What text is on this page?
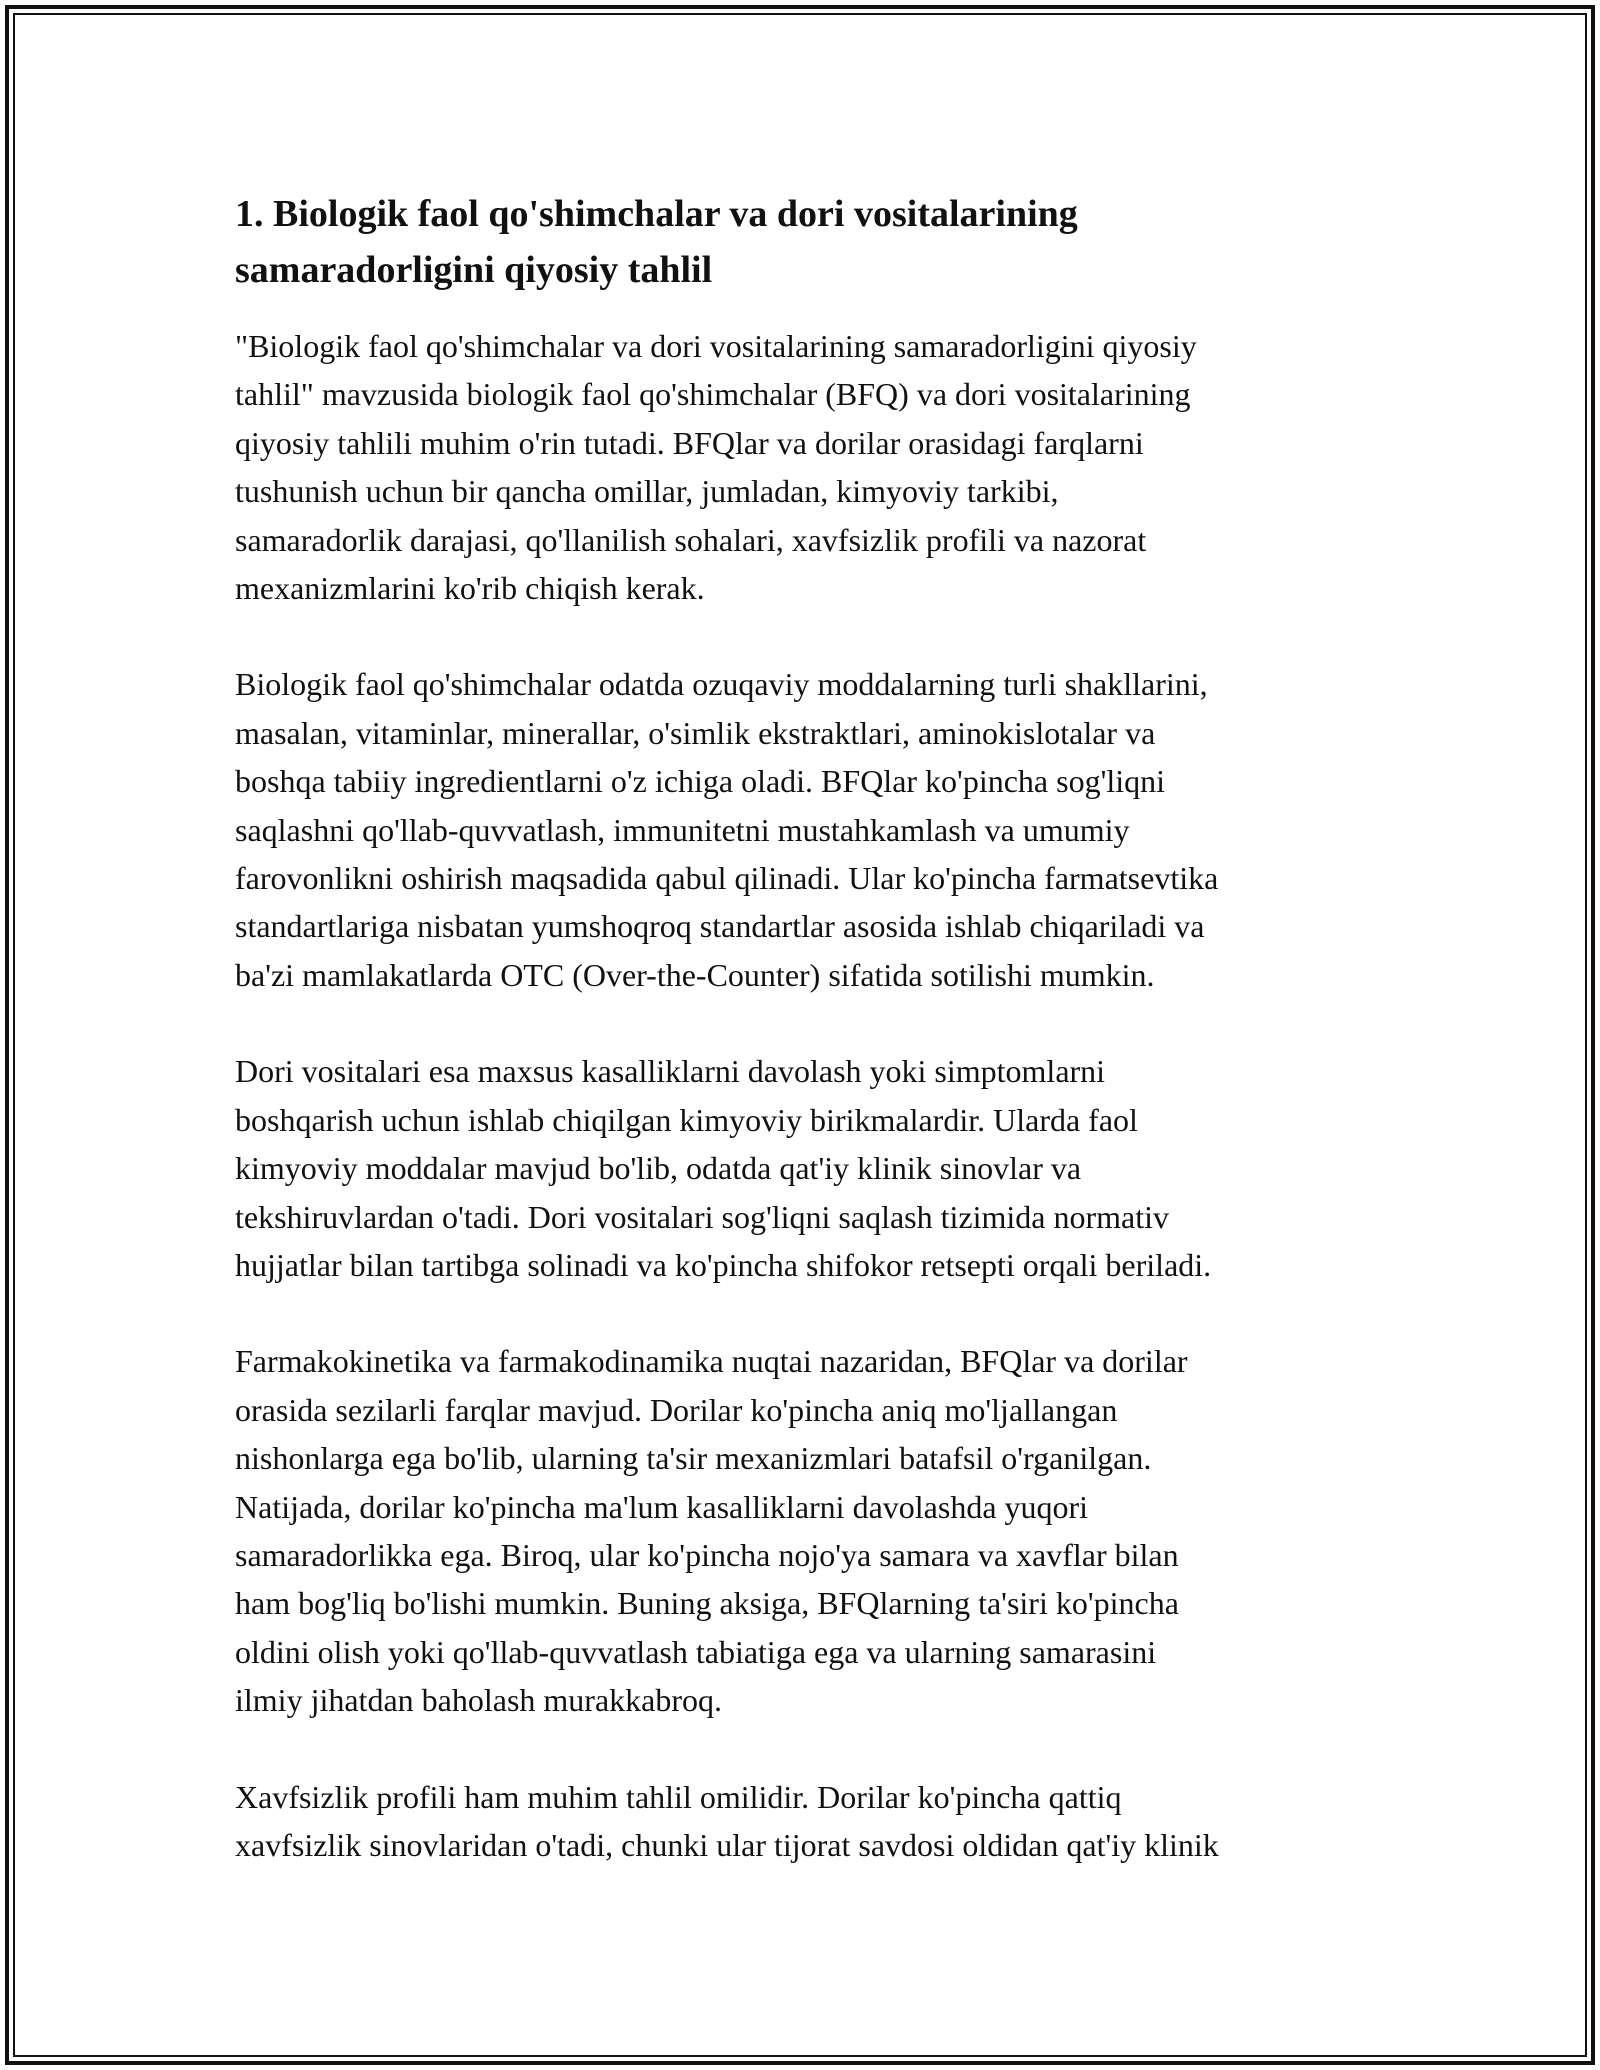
1. Biologik faol qo'shimchalar va dori vositalarining
samaradorligini qiyosiy tahlil

"Biologik faol qo'shimchalar va dori vositalarining samaradorligini qiyosiy
tahlil" mavzusida biologik faol qo'shimchalar (BFQ) va dori vositalarining
qiyosiy tahlili muhim o'rin tutadi. BFQlar va dorilar orasidagi farqlarni
tushunish uchun bir qancha omillar, jumladan, kimyoviy tarkibi,
samaradorlik darajasi, qo'llanilish sohalari, xavfsizlik profili va nazorat
mexanizmlarini ko'rib chiqish kerak.

Biologik faol qo'shimchalar odatda ozuqaviy moddalarning turli shakllarini,
masalan, vitaminlar, minerallar, o'simlik ekstraktlari, aminokislotalar va
boshqa tabiiy ingredientlarni o'z ichiga oladi. BFQlar ko'pincha sog'liqni
saqlashni qo'llab-quvvatlash, immunitetni mustahkamlash va umumiy
farovonlikni oshirish maqsadida qabul qilinadi. Ular ko'pincha farmatsevtika
standartlariga nisbatan yumshoqroq standartlar asosida ishlab chiqariladi va
ba'zi mamlakatlarda OTC (Over-the-Counter) sifatida sotilishi mumkin.

Dori vositalari esa maxsus kasalliklarni davolash yoki simptomlarni
boshqarish uchun ishlab chiqilgan kimyoviy birikmalardir. Ularda faol
kimyoviy moddalar mavjud bo'lib, odatda qat'iy klinik sinovlar va
tekshiruvlardan o'tadi. Dori vositalari sog'liqni saqlash tizimida normativ
hujjatlar bilan tartibga solinadi va ko'pincha shifokor retsepti orqali beriladi.

Farmakokinetika va farmakodinamika nuqtai nazaridan, BFQlar va dorilar
orasida sezilarli farqlar mavjud. Dorilar ko'pincha aniq mo'ljallangan
nishonlarga ega bo'lib, ularning ta'sir mexanizmlari batafsil o'rganilgan.
Natijada, dorilar ko'pincha ma'lum kasalliklarni davolashda yuqori
samaradorlikka ega. Biroq, ular ko'pincha nojo'ya samara va xavflar bilan
ham bog'liq bo'lishi mumkin. Buning aksiga, BFQlarning ta'siri ko'pincha
oldini olish yoki qo'llab-quvvatlash tabiatiga ega va ularning samarasini
ilmiy jihatdan baholash murakkabroq.

Xavfsizlik profili ham muhim tahlil omilidir. Dorilar ko'pincha qattiq
xavfsizlik sinovlaridan o'tadi, chunki ular tijorat savdosi oldidan qat'iy klinik
